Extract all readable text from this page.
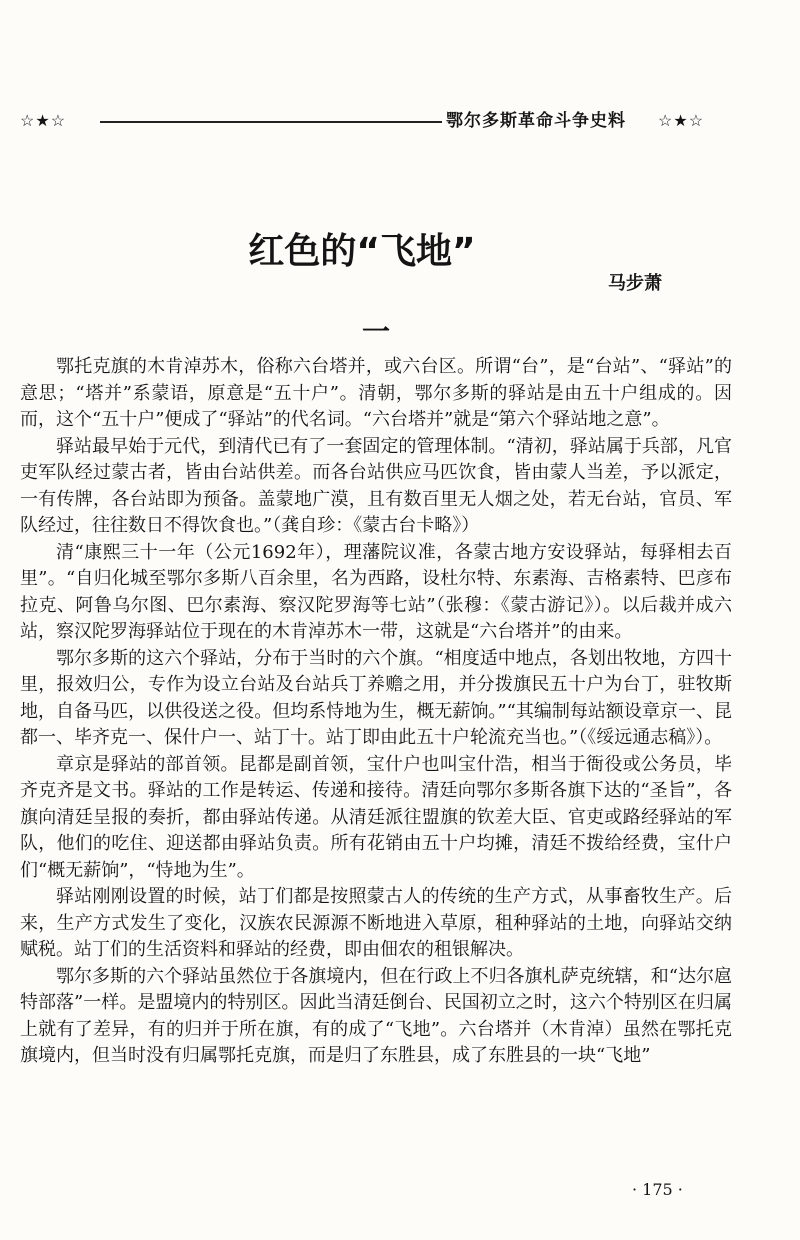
☆★☆	鄂尔多斯革命斗争史料 ☆★☆
红色的“飞地”
马步萧
一

鄂托克旗的木肯淖苏木，俗称六台塔并，或六台区。所谓“台”，是“台站”、“驿站”的意思；“塔并”系蒙语，原意是“五十户”。清朝，鄂尔多斯的驿站是由五十户组成的。因而，这个“五十户”便成了“驿站”的代名词。“六台塔并”就是“第六个驿站地之意”。

驿站最早始于元代，到清代已有了一套固定的管理体制。“清初，驿站属于兵部，凡官吏军队经过蒙古者，皆由台站供差。而各台站供应马匹饮食，皆由蒙人当差，予以派定，一有传牌，各台站即为预备。盖蒙地广漠，且有数百里无人烟之处，若无台站，官员、军队经过，往往数日不得饮食也。”（龚自珍：《蒙古台卡略》）

清“康熙三十一年（公元1692年），理藩院议准，各蒙古地方安设驿站，每驿相去百里”。“自归化城至鄂尔多斯八百余里，名为西路，设杜尔特、东素海、吉格素特、巴彦布拉克、阿鲁乌尔图、巴尔素海、察汉陀罗海等七站”（张穆：《蒙古游记》）。以后裁并成六站，察汉陀罗海驿站位于现在的木肯淖苏木一带，这就是“六台塔并”的由来。

鄂尔多斯的这六个驿站，分布于当时的六个旗。“相度适中地点，各划出牧地，方四十里，报效归公，专作为设立台站及台站兵丁养赡之用，并分拨旗民五十户为台丁，驻牧斯地，自备马匹，以供役送之役。但均系恃地为生，概无薪饷。”“其编制每站额设章京一、昆都一、毕齐克一、保什户一、站丁十。站丁即由此五十户轮流充当也。”（《绥远通志稿》）。

章京是驿站的部首领。昆都是副首领，宝什户也叫宝什浩，相当于衙役或公务员，毕齐克齐是文书。驿站的工作是转运、传递和接待。清廷向鄂尔多斯各旗下达的“圣旨”，各旗向清廷呈报的奏折，都由驿站传递。从清廷派往盟旗的钦差大臣、官吏或路经驿站的军队，他们的吃住、迎送都由驿站负责。所有花销由五十户均摊，清廷不拨给经费，宝什户们“概无薪饷”，“恃地为生”。

驿站刚刚设置的时候，站丁们都是按照蒙古人的传统的生产方式，从事畜牧生产。后来，生产方式发生了变化，汉族农民源源不断地进入草原，租种驿站的土地，向驿站交纳赋税。站丁们的生活资料和驿站的经费，即由佃农的租银解决。

鄂尔多斯的六个驿站虽然位于各旗境内，但在行政上不归各旗札萨克统辖，和“达尔扈特部落”一样。是盟境内的特别区。因此当清廷倒台、民国初立之时，这六个特别区在归属上就有了差异，有的归并于所在旗，有的成了“飞地”。六台塔并（木肯淖）虽然在鄂托克旗境内，但当时没有归属鄂托克旗，而是归了东胜县，成了东胜县的一块“飞地”

· 175 ·
